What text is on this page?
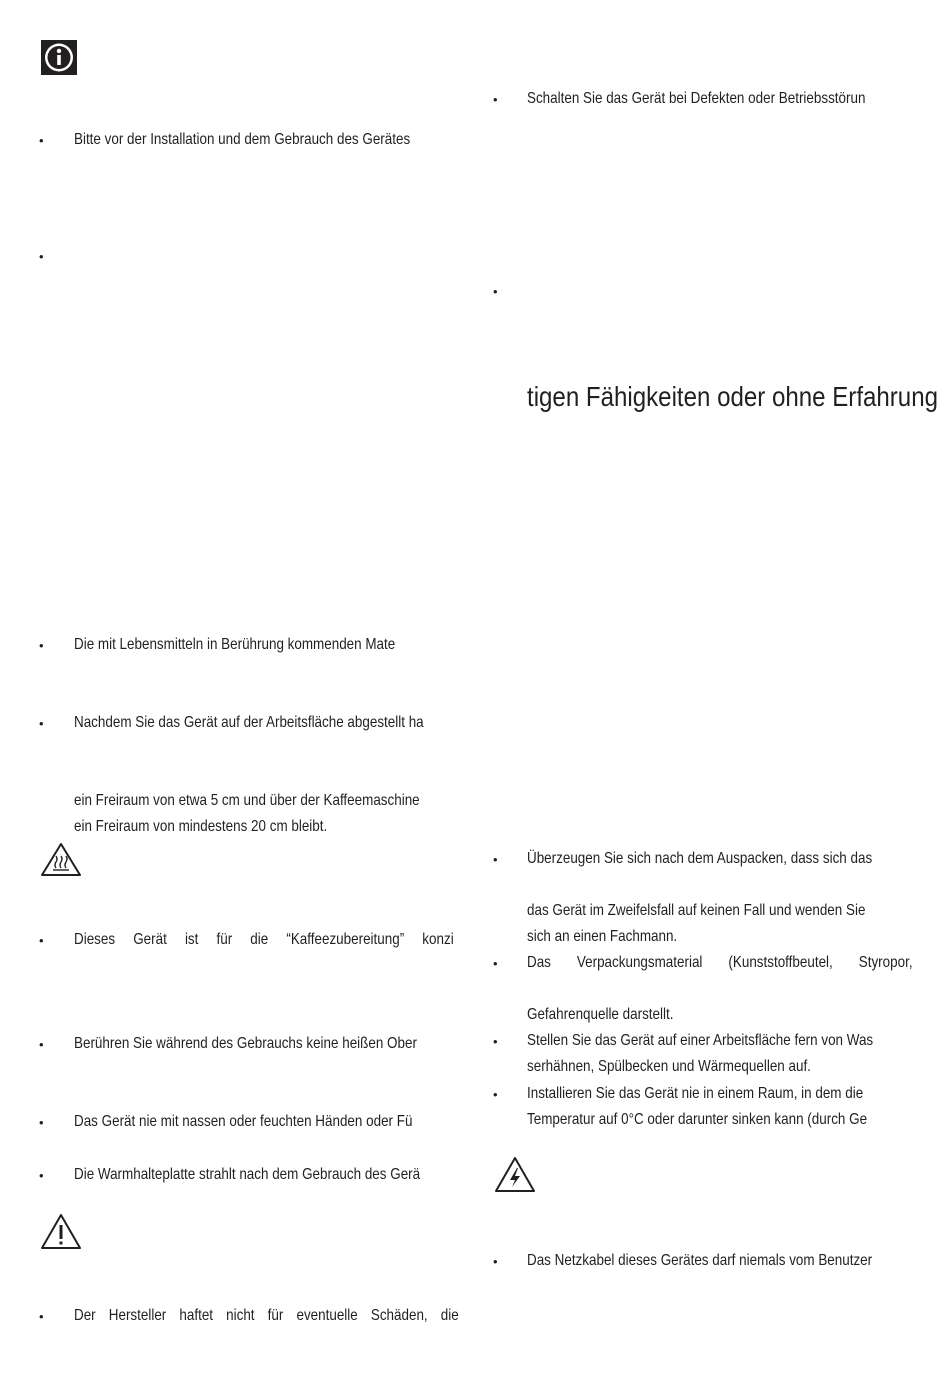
• Bitte vor der Installation und dem Gebrauch des Gerätes
•
• Die mit Lebensmitteln in Berührung kommenden Mate
• Nachdem Sie das Gerät auf der Arbeitsfläche abgestellt ha
ein Freiraum von etwa 5 cm und über der Kaffeemaschine
ein Freiraum von mindestens 20 cm bleibt.
• Dieses Gerät ist für die “Kaffeezubereitung” konzi
• Berühren Sie während des Gebrauchs keine heißen Ober
• Das Gerät nie mit nassen oder feuchten Händen oder Fü
• Die Warmhalteplatte strahlt nach dem Gebrauch des Gerä
• Der Hersteller haftet nicht für eventuelle Schäden, die
• Schalten Sie das Gerät bei Defekten oder Betriebsstörun
•
tigen Fähigkeiten oder ohne Erfahrung
• Überzeugen Sie sich nach dem Auspacken, dass sich das
das Gerät im Zweifelsfall auf keinen Fall und wenden Sie
sich an einen Fachmann.
• Das Verpackungsmaterial (Kunststoffbeutel, Styropor,
Gefahrenquelle darstellt.
• Stellen Sie das Gerät auf einer Arbeitsfläche fern von Was
serhähnen, Spülbecken und Wärmequellen auf.
• Installieren Sie das Gerät nie in einem Raum, in dem die
Temperatur auf 0°C oder darunter sinken kann (durch Ge
• Das Netzkabel dieses Gerätes darf niemals vom Benutzer
